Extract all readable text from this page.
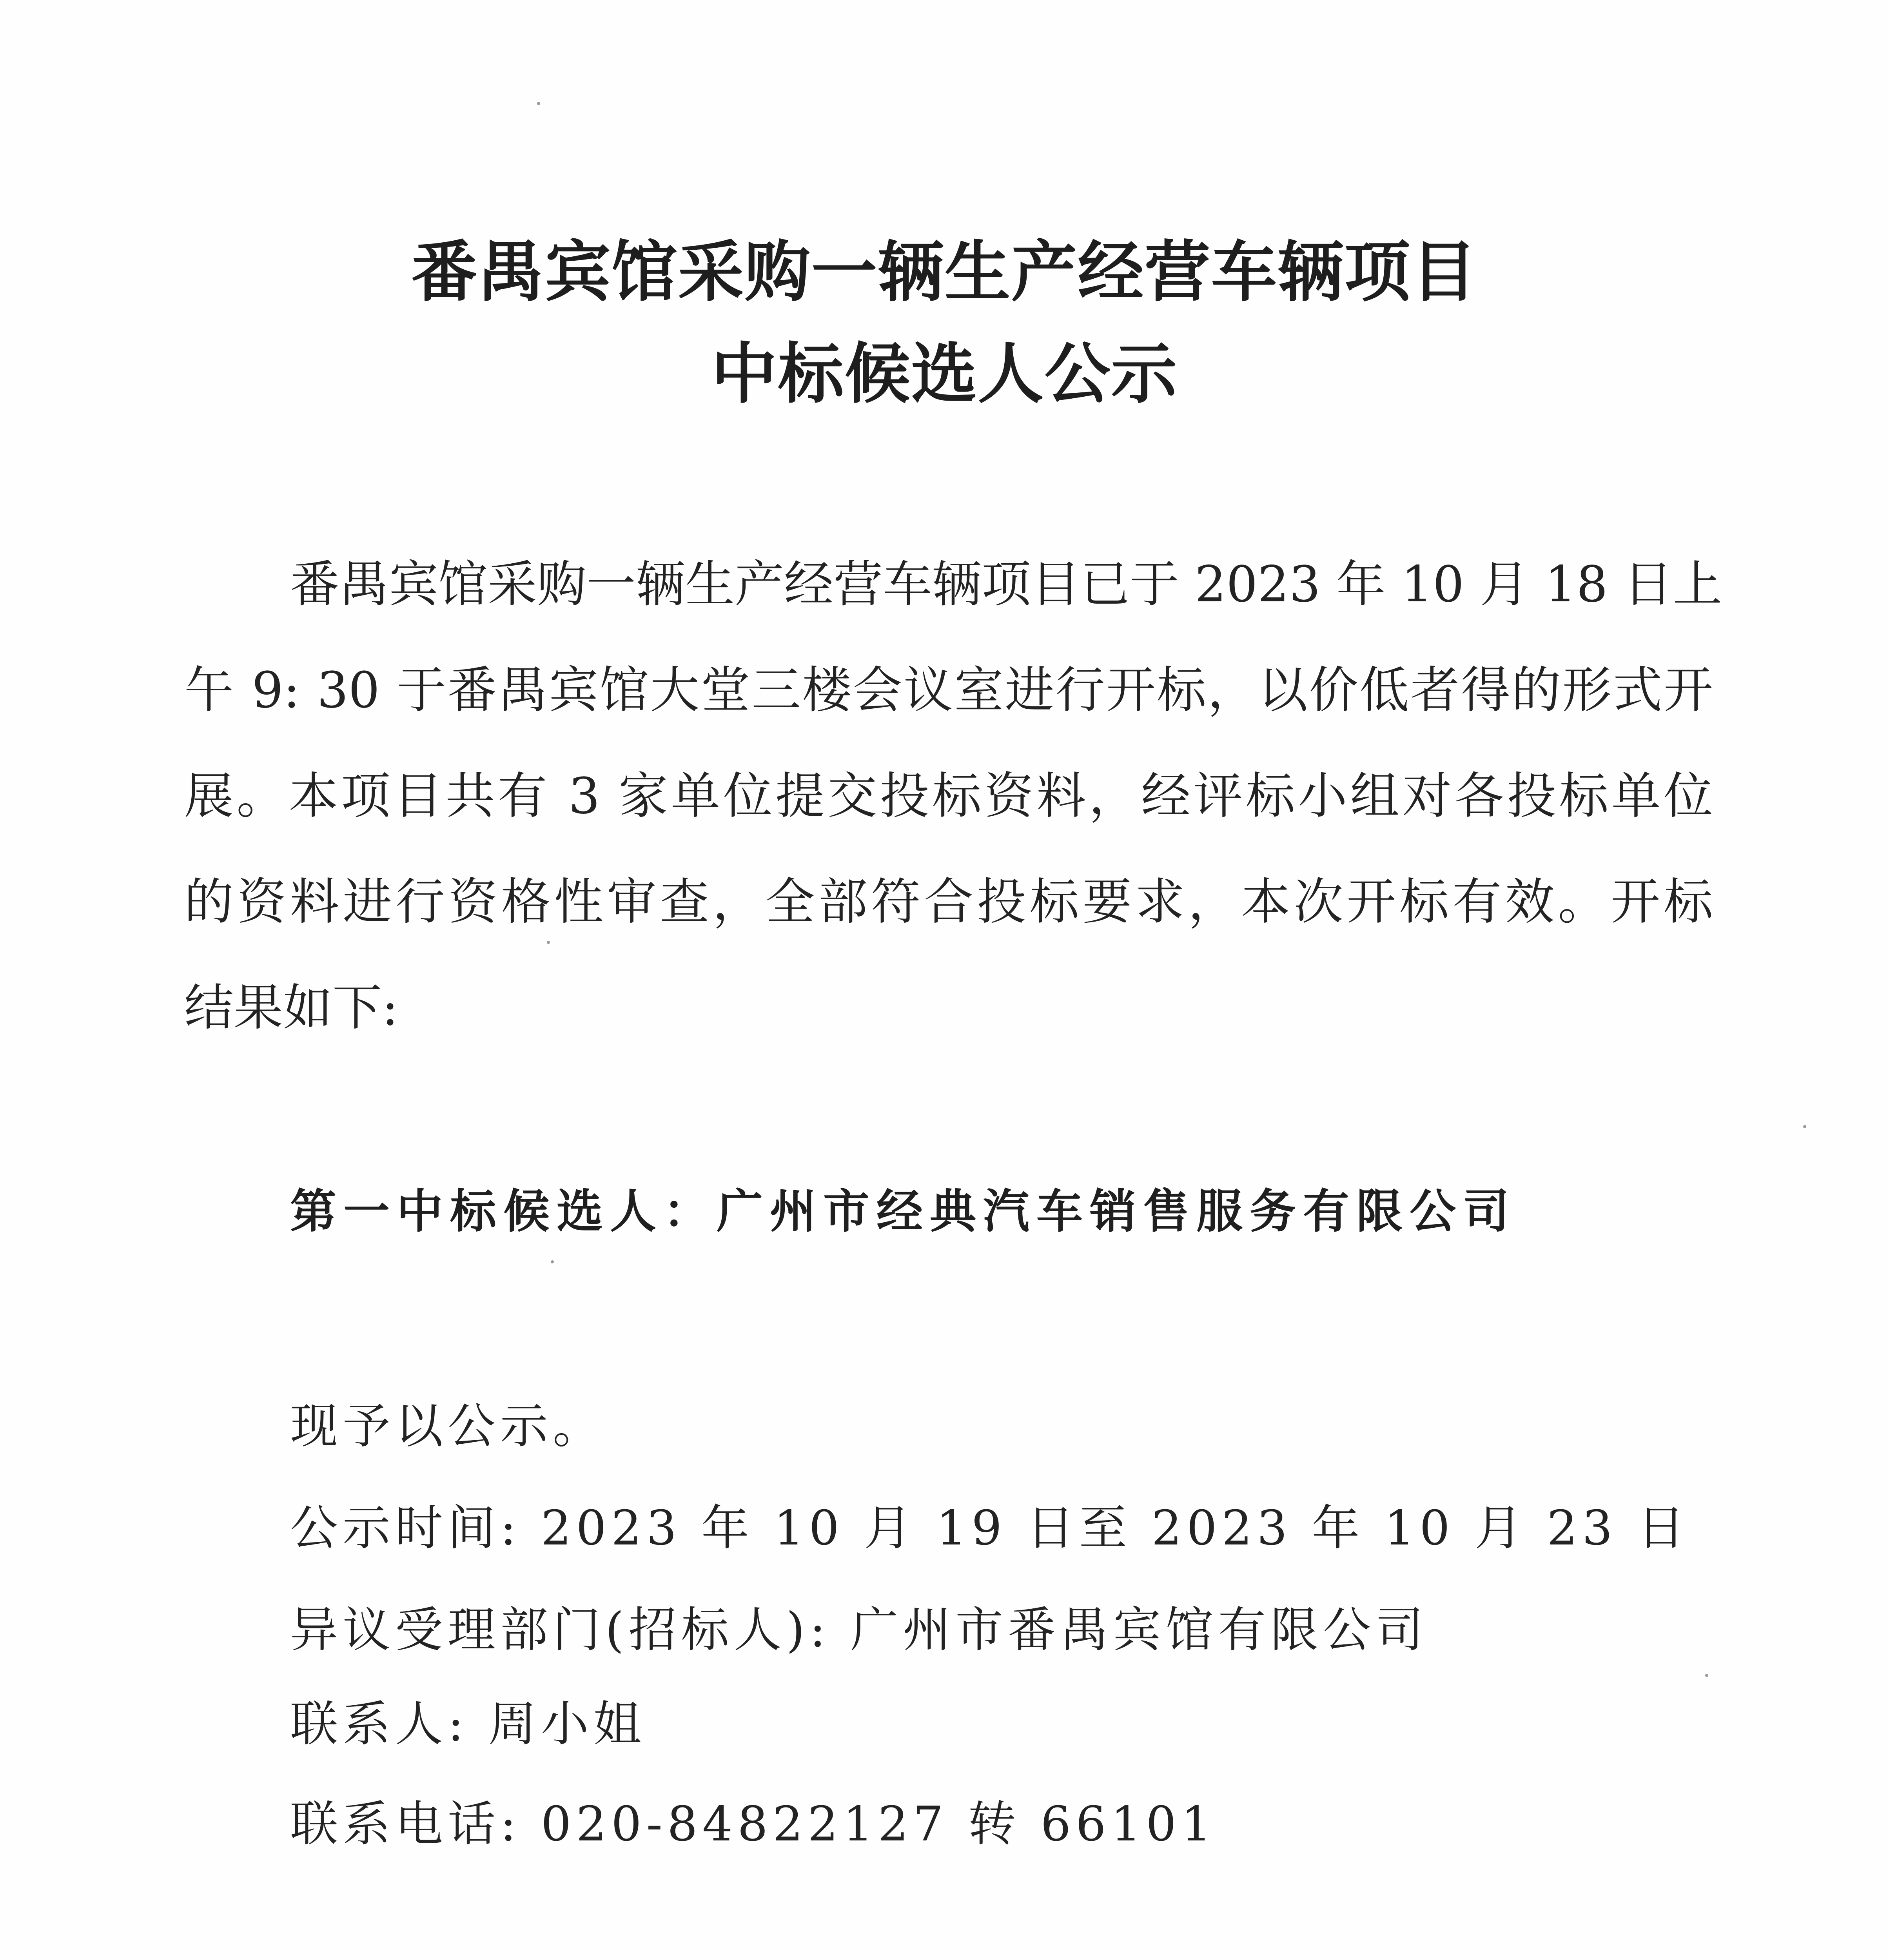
番禺宾馆采购一辆生产经营车辆项目
中标候选人公示
番禺宾馆采购一辆生产经营车辆项目已于 2023 年 10 月 18 日上
午 9: 30 于番禺宾馆大堂三楼会议室进行开标，以价低者得的形式开
展。本项目共有 3 家单位提交投标资料，经评标小组对各投标单位
的资料进行资格性审查，全部符合投标要求，本次开标有效。开标
结果如下:
第一中标候选人：广州市经典汽车销售服务有限公司
现予以公示。
公示时间: 2023 年 10 月 19 日至 2023 年 10 月 23 日
异议受理部门(招标人): 广州市番禺宾馆有限公司
联系人: 周小姐
联系电话: 020-84822127 转 66101
